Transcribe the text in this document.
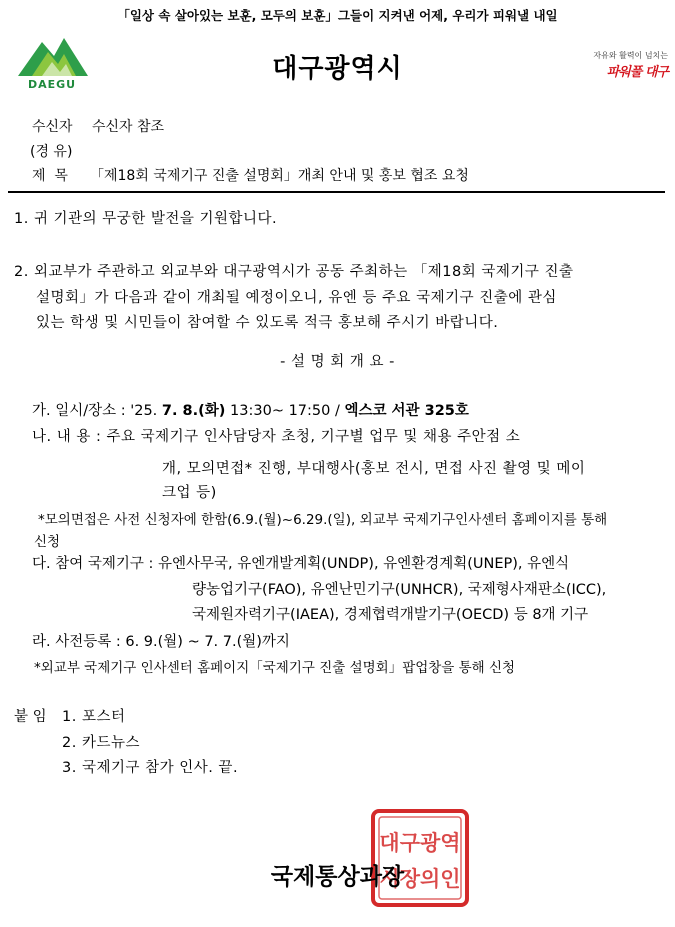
「일상 속 살아있는 보훈, 모두의 보훈」그들이 지켜낸 어제, 우리가 피워낼 내일
DAEGU
대구광역시	자유와 활력이 넘치는
파워풀 대구
수신자 수신자 참조
(경 유)
제  목 「제18회 국제기구 진출 설명회」개최 안내 및 홍보 협조 요청
1. 귀 기관의 무궁한 발전을 기원합니다.
2. 외교부가 주관하고 외교부와 대구광역시가 공동 주최하는 「제18회 국제기구 진출
설명회」가 다음과 같이 개최될 예정이오니, 유엔 등 주요 국제기구 진출에 관심
있는 학생 및 시민들이 참여할 수 있도록 적극 홍보해 주시기 바랍니다.
- 설 명 회 개 요 -
가. 일시/장소 : '25. 7. 8.(화) 13:30~ 17:50 / 엑스코 서관 325호
나. 내 용 : 주요 국제기구 인사담당자 초청, 기구별 업무 및 채용 주안점 소
개, 모의면접* 진행, 부대행사(홍보 전시, 면접 사진 촬영 및 메이
크업 등)
*모의면접은 사전 신청자에 한함(6.9.(월)~6.29.(일), 외교부 국제기구인사센터 홈페이지를 통해
신청
다. 참여 국제기구 : 유엔사무국, 유엔개발계획(UNDP), 유엔환경계획(UNEP), 유엔식
량농업기구(FAO), 유엔난민기구(UNHCR), 국제형사재판소(ICC),
국제원자력기구(IAEA), 경제협력개발기구(OECD) 등 8개 기구
라. 사전등록 : 6. 9.(월) ~ 7. 7.(월)까지
*외교부 국제기구 인사센터 홈페이지「국제기구 진출 설명회」팝업창을 통해 신청
붙 임 1. 포스터
2. 카드뉴스
3. 국제기구 참가 인사. 끝.
대구광역
시장의인
국제통상과장
